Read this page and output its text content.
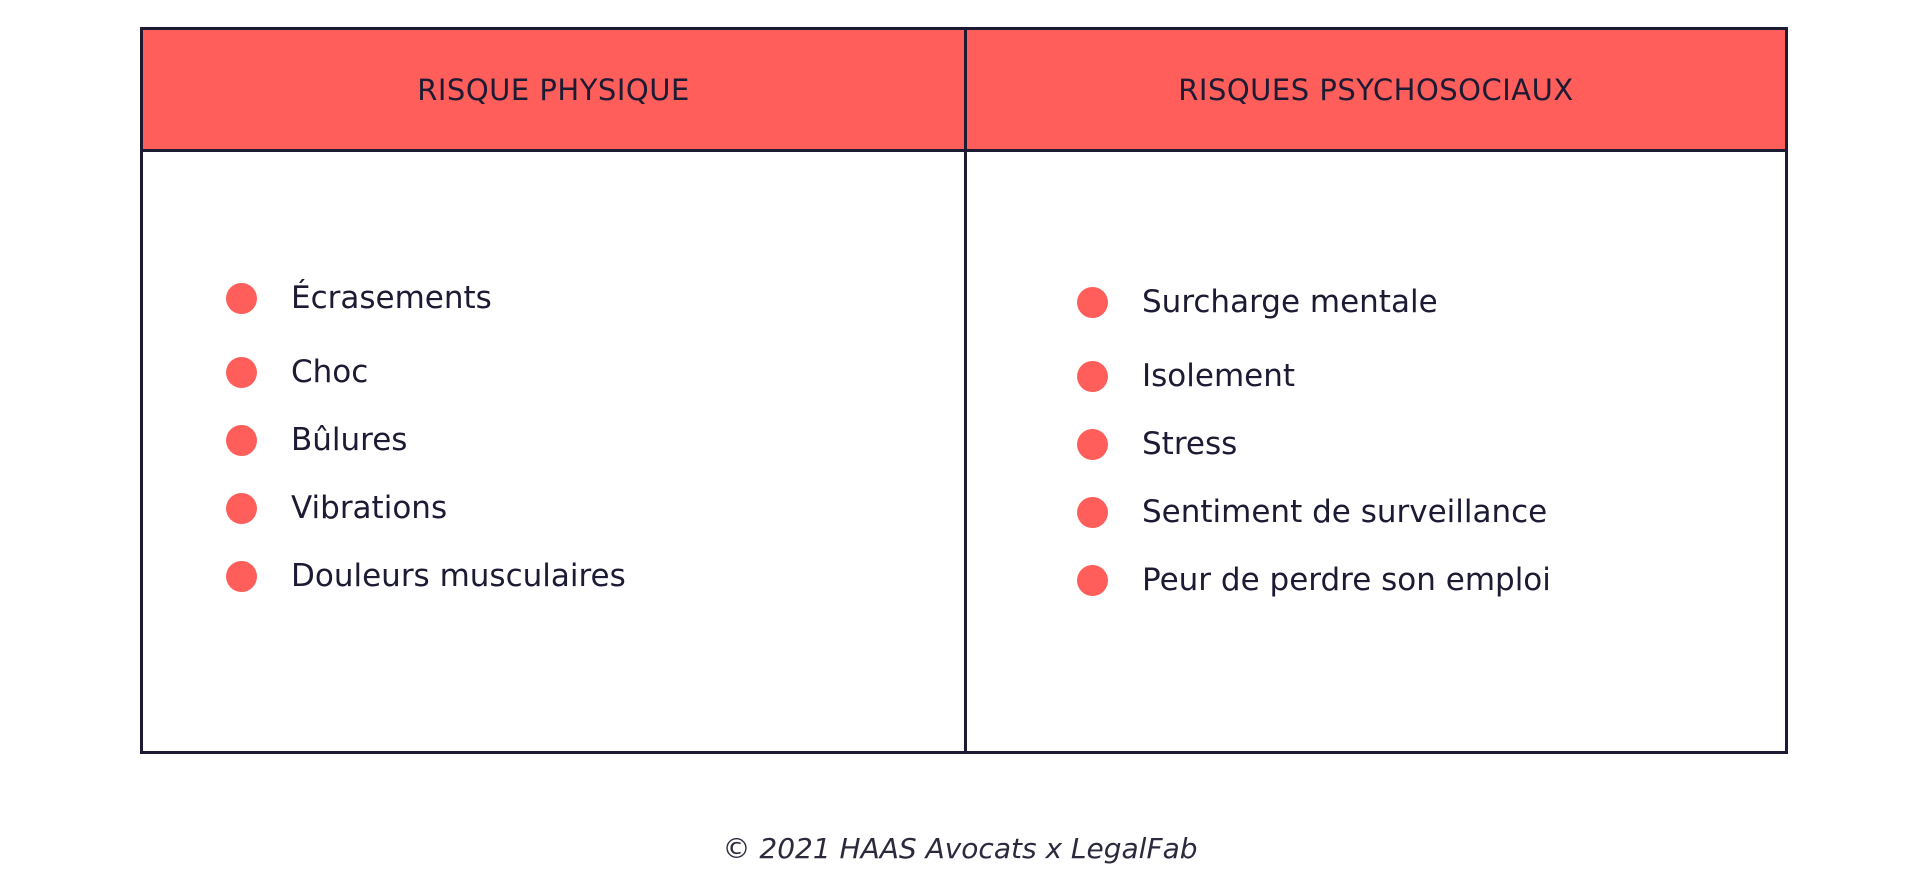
RISQUE PHYSIQUE
Écrasements
Choc
Bûlures
Vibrations
Douleurs musculaires
RISQUES PSYCHOSOCIAUX
Surcharge mentale
Isolement
Stress
Sentiment de surveillance
Peur de perdre son emploi
© 2021 HAAS Avocats x LegalFab
